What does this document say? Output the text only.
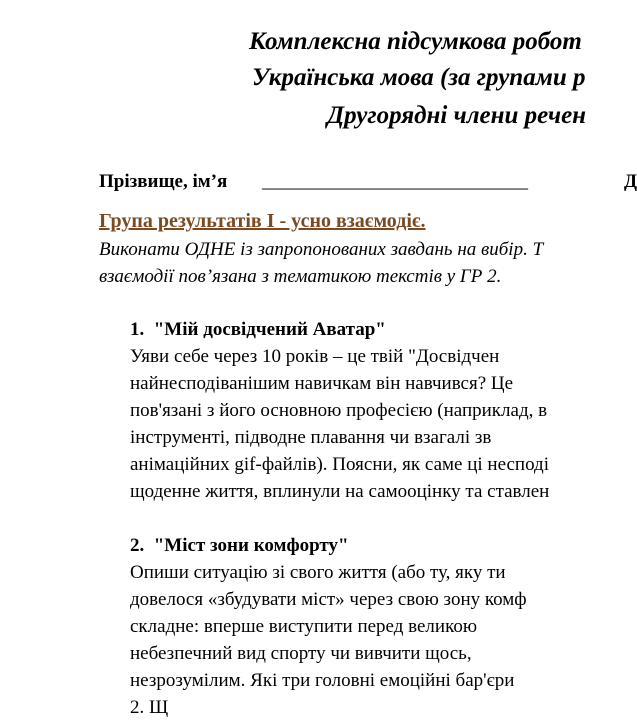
Комплексна підсумкова робот
Українська мова (за групами р
Другорядні члени речен
Прізвище, ім’я ____________________________	Д
Група результатів І - усно взаємодіє.
Виконати ОДНЕ із запропонованих завдань на вибір. Т
взаємодії пов’язана з тематикою текстів у ГР 2.
1. "Мій досвідчений Аватар"
Уяви себе через 10 років – це твій "Досвідчен
найнесподіванішим навичкам він навчився? Це
пов'язані з його основною професією (наприклад, в
інструменті, підводне плавання чи взагалі зв
анімаційних gif-файлів). Поясни, як саме ці несподі
щоденне життя, вплинули на самооцінку та ставлен
2. "Міст зони комфорту"
Опиши ситуацію зі свого життя (або ту, яку ти
довелося «збудувати міст» через свою зону комф
складне: вперше виступити перед великою
небезпечний вид спорту чи вивчити щось,
незрозумілим. Які три головні емоційні бар'єри
2. Щ
